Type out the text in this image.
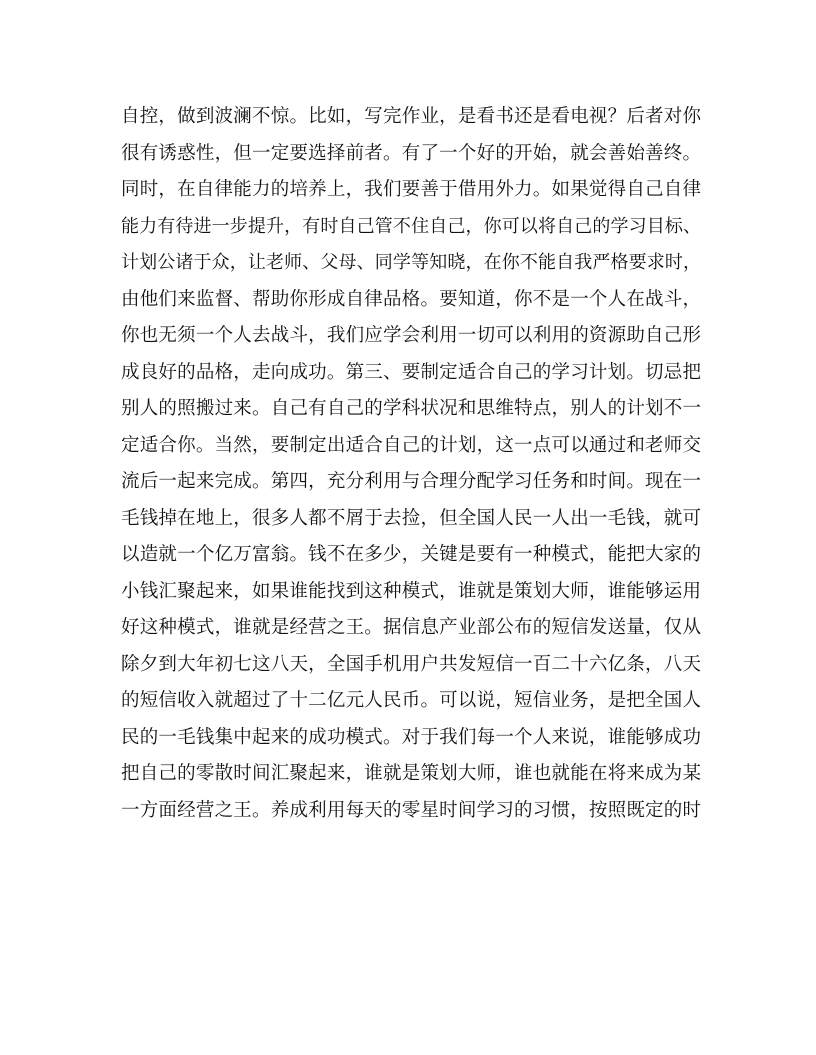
自控，做到波澜不惊。比如，写完作业，是看书还是看电视？后者对你
很有诱惑性，但一定要选择前者。有了一个好的开始，就会善始善终。
同时，在自律能力的培养上，我们要善于借用外力。如果觉得自己自律
能力有待进一步提升，有时自己管不住自己，你可以将自己的学习目标、
计划公诸于众，让老师、父母、同学等知晓，在你不能自我严格要求时，
由他们来监督、帮助你形成自律品格。要知道，你不是一个人在战斗，
你也无须一个人去战斗，我们应学会利用一切可以利用的资源助自己形
成良好的品格，走向成功。第三、要制定适合自己的学习计划。切忌把
别人的照搬过来。自己有自己的学科状况和思维特点，别人的计划不一
定适合你。当然，要制定出适合自己的计划，这一点可以通过和老师交
流后一起来完成。第四，充分利用与合理分配学习任务和时间。现在一
毛钱掉在地上，很多人都不屑于去捡，但全国人民一人出一毛钱，就可
以造就一个亿万富翁。钱不在多少，关键是要有一种模式，能把大家的
小钱汇聚起来，如果谁能找到这种模式，谁就是策划大师，谁能够运用
好这种模式，谁就是经营之王。据信息产业部公布的短信发送量，仅从
除夕到大年初七这八天，全国手机用户共发短信一百二十六亿条，八天
的短信收入就超过了十二亿元人民币。可以说，短信业务，是把全国人
民的一毛钱集中起来的成功模式。对于我们每一个人来说，谁能够成功
把自己的零散时间汇聚起来，谁就是策划大师，谁也就能在将来成为某
一方面经营之王。养成利用每天的零星时间学习的习惯，按照既定的时
